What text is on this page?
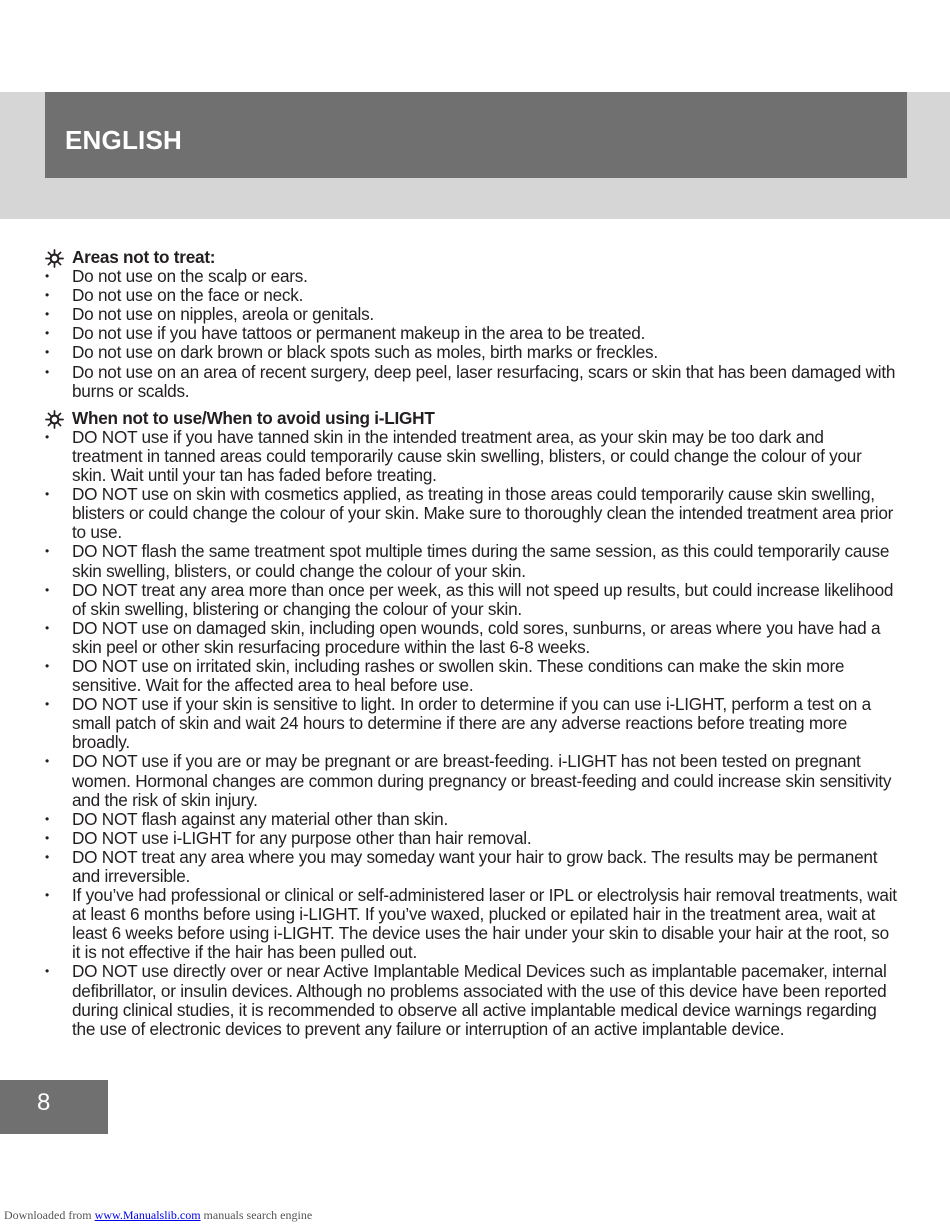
ENGLISH
Areas not to treat:
•	Do not use on the scalp or ears.
•	Do not use on the face or neck.
•	Do not use on nipples, areola or genitals.
•	Do not use if you have tattoos or permanent makeup in the area to be treated.
•	Do not use on dark brown or black spots such as moles, birth marks or freckles.
•	Do not use on an area of recent surgery, deep peel, laser resurfacing, scars or skin that has been damaged with burns or scalds.
When not to use/When to avoid using i-LIGHT
•	DO NOT use if you have tanned skin in the intended treatment area, as your skin may be too dark and treatment in tanned areas could temporarily cause skin swelling, blisters, or could change the colour of your skin. Wait until your tan has faded before treating.
•	DO NOT use on skin with cosmetics applied, as treating in those areas could temporarily cause skin swelling, blisters or could change the colour of your skin. Make sure to thoroughly clean the intended treatment area prior to use.
•	DO NOT flash the same treatment spot multiple times during the same session, as this could temporarily cause skin swelling, blisters, or could change the colour of your skin.
•	DO NOT treat any area more than once per week, as this will not speed up results, but could increase likelihood of skin swelling, blistering or changing the colour of your skin.
•	DO NOT use on damaged skin, including open wounds, cold sores, sunburns, or areas where you have had a skin peel or other skin resurfacing procedure within the last 6-8 weeks.
•	DO NOT use on irritated skin, including rashes or swollen skin. These conditions can make the skin more sensitive. Wait for the affected area to heal before use.
•	DO NOT use if your skin is sensitive to light. In order to determine if you can use i-LIGHT, perform a test on a small patch of skin and wait 24 hours to determine if there are any adverse reactions before treating more broadly.
•	DO NOT use if you are or may be pregnant or are breast-feeding. i-LIGHT has not been tested on pregnant women. Hormonal changes are common during pregnancy or breast-feeding and could increase skin sensitivity and the risk of skin injury.
•	DO NOT flash against any material other than skin.
•	DO NOT use i-LIGHT for any purpose other than hair removal.
•	DO NOT treat any area where you may someday want your hair to grow back. The results may be permanent and irreversible.
•	If you’ve had professional or clinical or self-administered laser or IPL or electrolysis hair removal treatments, wait at least 6 months before using i-LIGHT. If you’ve waxed, plucked or epilated hair in the treatment area, wait at least 6 weeks before using i-LIGHT. The device uses the hair under your skin to disable your hair at the root, so it is not effective if the hair has been pulled out.
•	DO NOT use directly over or near Active Implantable Medical Devices such as implantable pacemaker, internal defibrillator, or insulin devices. Although no problems associated with the use of this device have been reported during clinical studies, it is recommended to observe all active implantable medical device warnings regarding the use of electronic devices to prevent any failure or interruption of an active implantable device.
8
Downloaded from www.Manualslib.com manuals search engine
